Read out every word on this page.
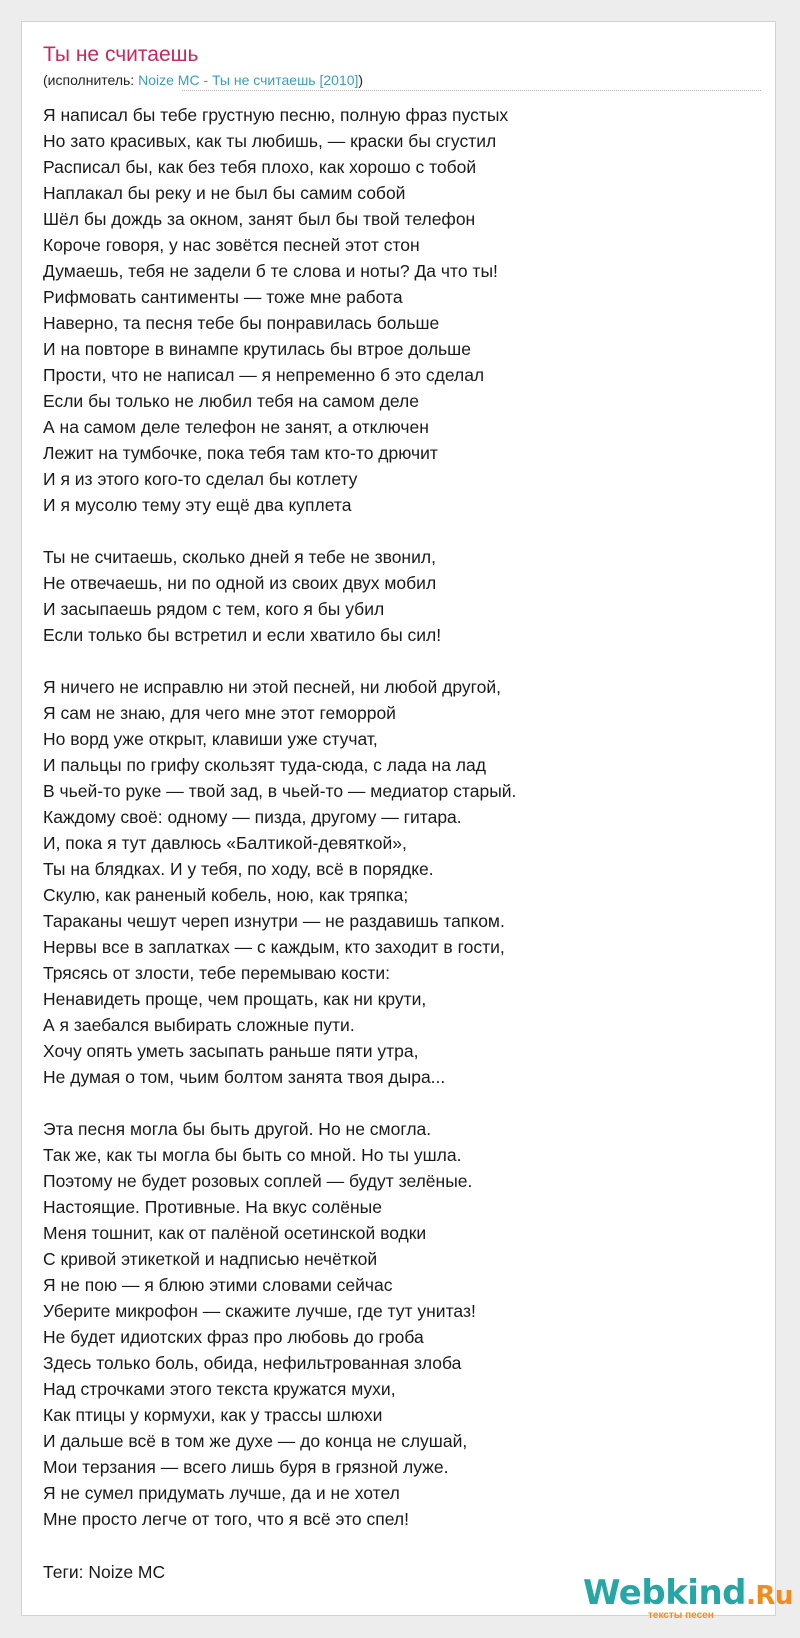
Ты не считаешь
(исполнитель: Noize MC - Ты не считаешь [2010])
Я написал бы тебе грустную песню, полную фраз пустых
Но зато красивых, как ты любишь, — краски бы сгустил
Расписал бы, как без тебя плохо, как хорошо с тобой
Наплакал бы реку и не был бы самим собой
Шёл бы дождь за окном, занят был бы твой телефон
Короче говоря, у нас зовётся песней этот стон
Думаешь, тебя не задели б те слова и ноты? Да что ты!
Рифмовать сантименты — тоже мне работа
Наверно, та песня тебе бы понравилась больше
И на повторе в винампе крутилась бы втрое дольше
Прости, что не написал — я непременно б это сделал
Если бы только не любил тебя на самом деле
А на самом деле телефон не занят, а отключен
Лежит на тумбочке, пока тебя там кто-то дрючит
И я из этого кого-то сделал бы котлету
И я мусолю тему эту ещё два куплета
Ты не считаешь, сколько дней я тебе не звонил,
Не отвечаешь, ни по одной из своих двух мобил
И засыпаешь рядом с тем, кого я бы убил
Если только бы встретил и если хватило бы сил!
Я ничего не исправлю ни этой песней, ни любой другой,
Я сам не знаю, для чего мне этот геморрой
Но ворд уже открыт, клавиши уже стучат,
И пальцы по грифу скользят туда-сюда, с лада на лад
В чьей-то руке — твой зад, в чьей-то — медиатор старый.
Каждому своё: одному — пизда, другому — гитара.
И, пока я тут давлюсь «Балтикой-девяткой»,
Ты на блядках. И у тебя, по ходу, всё в порядке.
Скулю, как раненый кобель, ною, как тряпка;
Тараканы чешут череп изнутри — не раздавишь тапком.
Нервы все в заплатках — с каждым, кто заходит в гости,
Трясясь от злости, тебе перемываю кости:
Ненавидеть проще, чем прощать, как ни крути,
А я заебался выбирать сложные пути.
Хочу опять уметь засыпать раньше пяти утра,
Не думая о том, чьим болтом занята твоя дыра...
Эта песня могла бы быть другой. Но не смогла.
Так же, как ты могла бы быть со мной. Но ты ушла.
Поэтому не будет розовых соплей — будут зелёные.
Настоящие. Противные. На вкус солёные
Меня тошнит, как от палёной осетинской водки
С кривой этикеткой и надписью нечёткой
Я не пою — я блюю этими словами сейчас
Уберите микрофон — скажите лучше, где тут унитаз!
Не будет идиотских фраз про любовь до гроба
Здесь только боль, обида, нефильтрованная злоба
Над строчками этого текста кружатся мухи,
Как птицы у кормухи, как у трассы шлюхи
И дальше всё в том же духе — до конца не слушай,
Мои терзания — всего лишь буря в грязной луже.
Я не сумел придумать лучше, да и не хотел
Мне просто легче от того, что я всё это спел!
Теги: Noize MC
Webkind.Ru
тексты песен
